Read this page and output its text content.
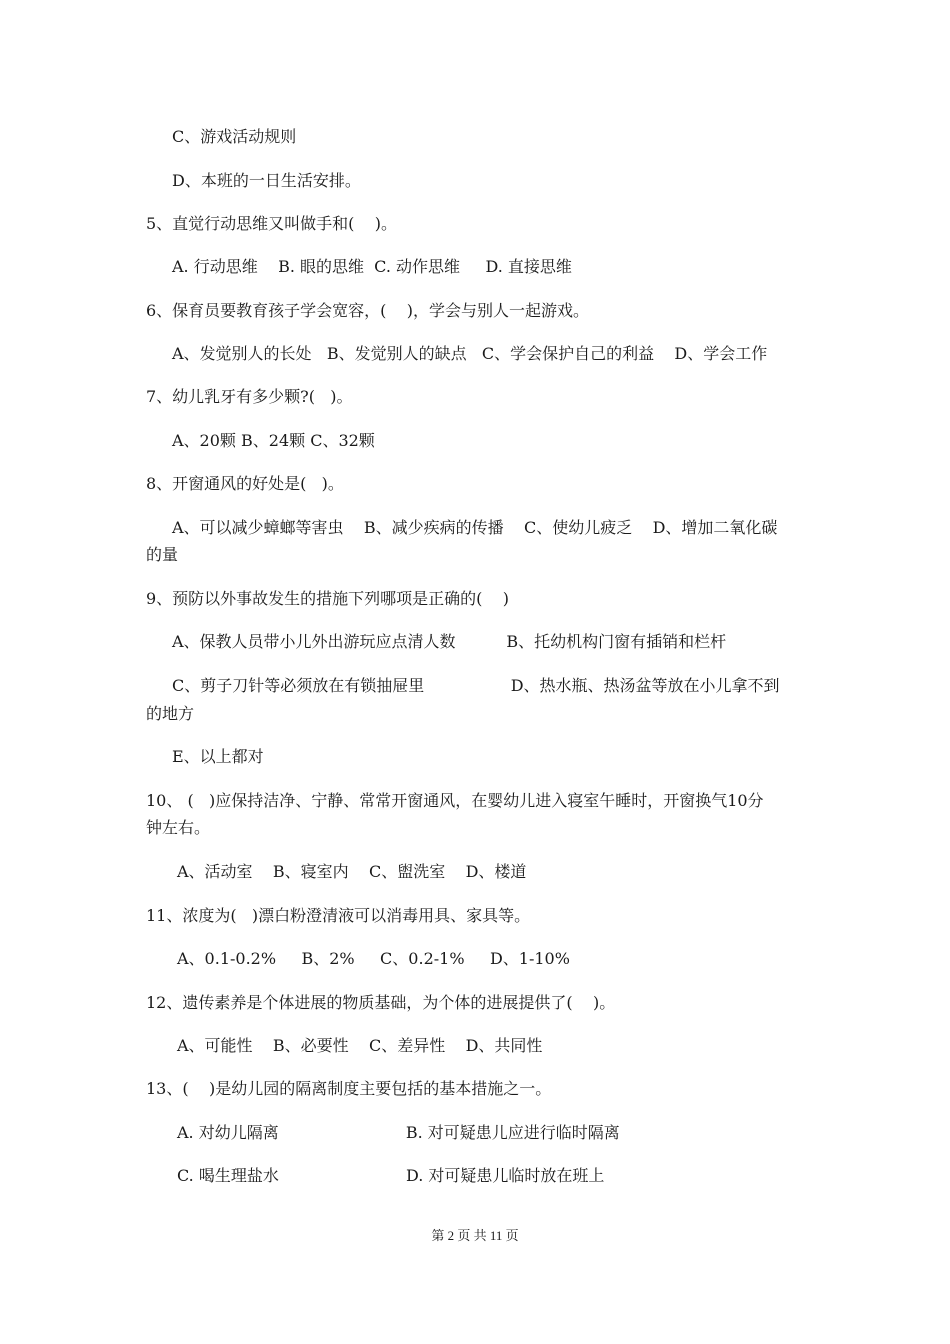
C、游戏活动规则
D、本班的一日生活安排。
5、直觉行动思维又叫做手和(    )。
A. 行动思维    B. 眼的思维  C. 动作思维     D. 直接思维
6、保育员要教育孩子学会宽容，(    )，学会与别人一起游戏。
A、发觉别人的长处   B、发觉别人的缺点   C、学会保护自己的利益    D、学会工作
7、幼儿乳牙有多少颗?(   )。
A、20颗 B、24颗 C、32颗
8、开窗通风的好处是(   )。
A、可以减少蟑螂等害虫    B、减少疾病的传播    C、使幼儿疲乏    D、增加二氧化碳
的量
9、预防以外事故发生的措施下列哪项是正确的(    )
A、保教人员带小儿外出游玩应点清人数          B、托幼机构门窗有插销和栏杆
C、剪子刀针等必须放在有锁抽屉里                 D、热水瓶、热汤盆等放在小儿拿不到
的地方
E、以上都对
10、 (   )应保持洁净、宁静、常常开窗通风，在婴幼儿进入寝室午睡时，开窗换气10分
钟左右。
A、活动室    B、寝室内    C、盥洗室    D、楼道
11、浓度为(   )漂白粉澄清液可以消毒用具、家具等。
A、0.1-0.2%     B、2%     C、0.2-1%     D、1-10%
12、遗传素养是个体进展的物质基础，为个体的进展提供了(    )。
A、可能性    B、必要性    C、差异性    D、共同性
13、(    )是幼儿园的隔离制度主要包括的基本措施之一。
A. 对幼儿隔离                         B. 对可疑患儿应进行临时隔离
C. 喝生理盐水                         D. 对可疑患儿临时放在班上
第 2 页 共 11 页
